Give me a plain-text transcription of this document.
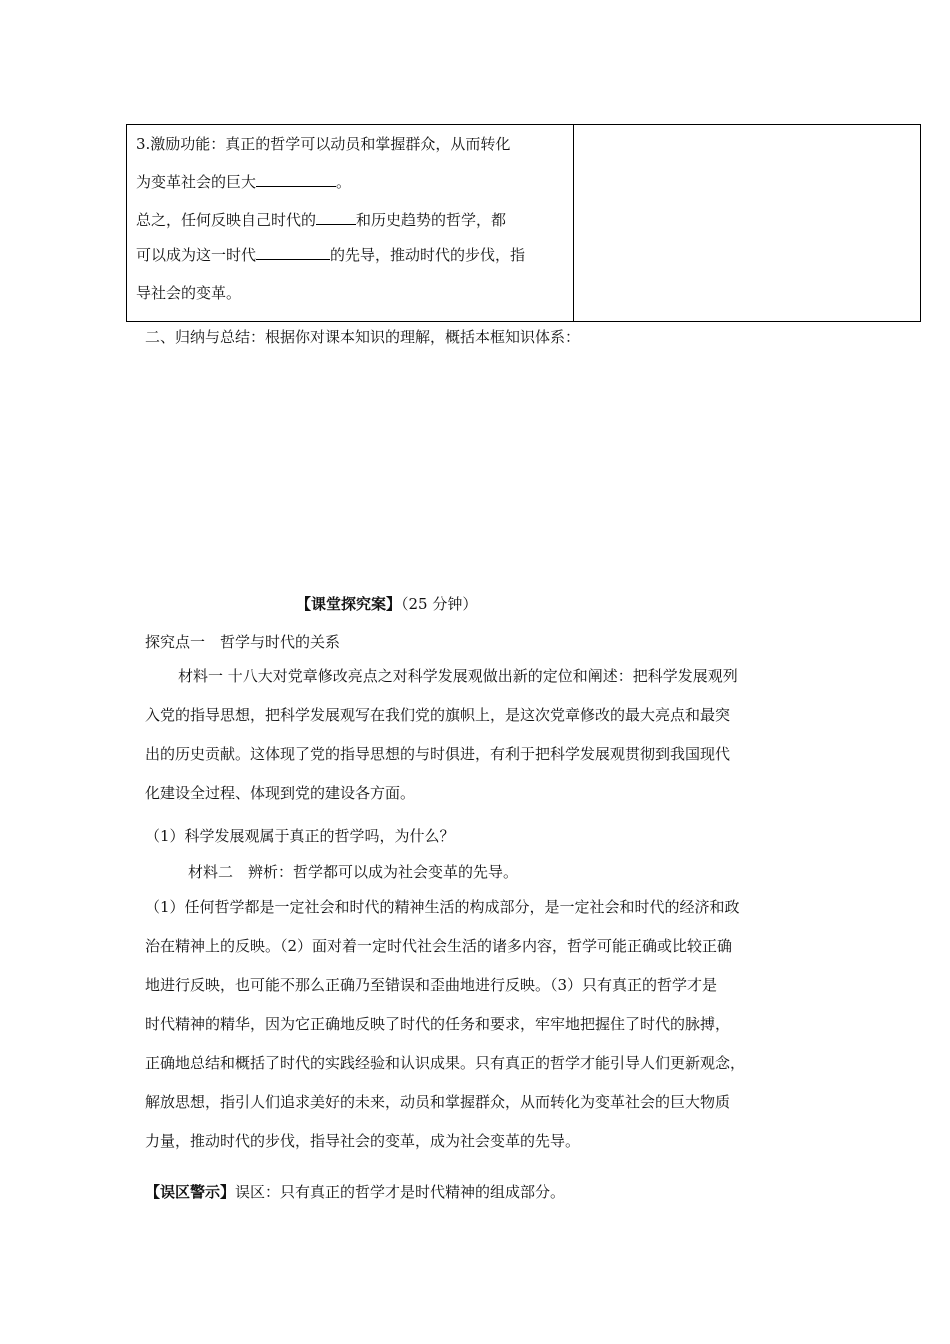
3.激励功能：真正的哲学可以动员和掌握群众，从而转化
为变革社会的巨大	。
总之，任何反映自己时代的	和历史趋势的哲学，都
可以成为这一时代	的先导，推动时代的步伐，指
导社会的变革。
二、归纳与总结：根据你对课本知识的理解，概括本框知识体系：
【课堂探究案】（25 分钟）
探究点一　哲学与时代的关系
材料一 十八大对党章修改亮点之对科学发展观做出新的定位和阐述：把科学发展观列
入党的指导思想，把科学发展观写在我们党的旗帜上，是这次党章修改的最大亮点和最突
出的历史贡献。这体现了党的指导思想的与时俱进，有利于把科学发展观贯彻到我国现代
化建设全过程、体现到党的建设各方面。
（1）科学发展观属于真正的哲学吗，为什么？
材料二　辨析：哲学都可以成为社会变革的先导。
（1）任何哲学都是一定社会和时代的精神生活的构成部分，是一定社会和时代的经济和政
治在精神上的反映。（2）面对着一定时代社会生活的诸多内容，哲学可能正确或比较正确
地进行反映，也可能不那么正确乃至错误和歪曲地进行反映。（3）只有真正的哲学才是
时代精神的精华，因为它正确地反映了时代的任务和要求，牢牢地把握住了时代的脉搏，
正确地总结和概括了时代的实践经验和认识成果。只有真正的哲学才能引导人们更新观念，
解放思想，指引人们追求美好的未来，动员和掌握群众，从而转化为变革社会的巨大物质
力量，推动时代的步伐，指导社会的变革，成为社会变革的先导。
【误区警示】误区：只有真正的哲学才是时代精神的组成部分。
